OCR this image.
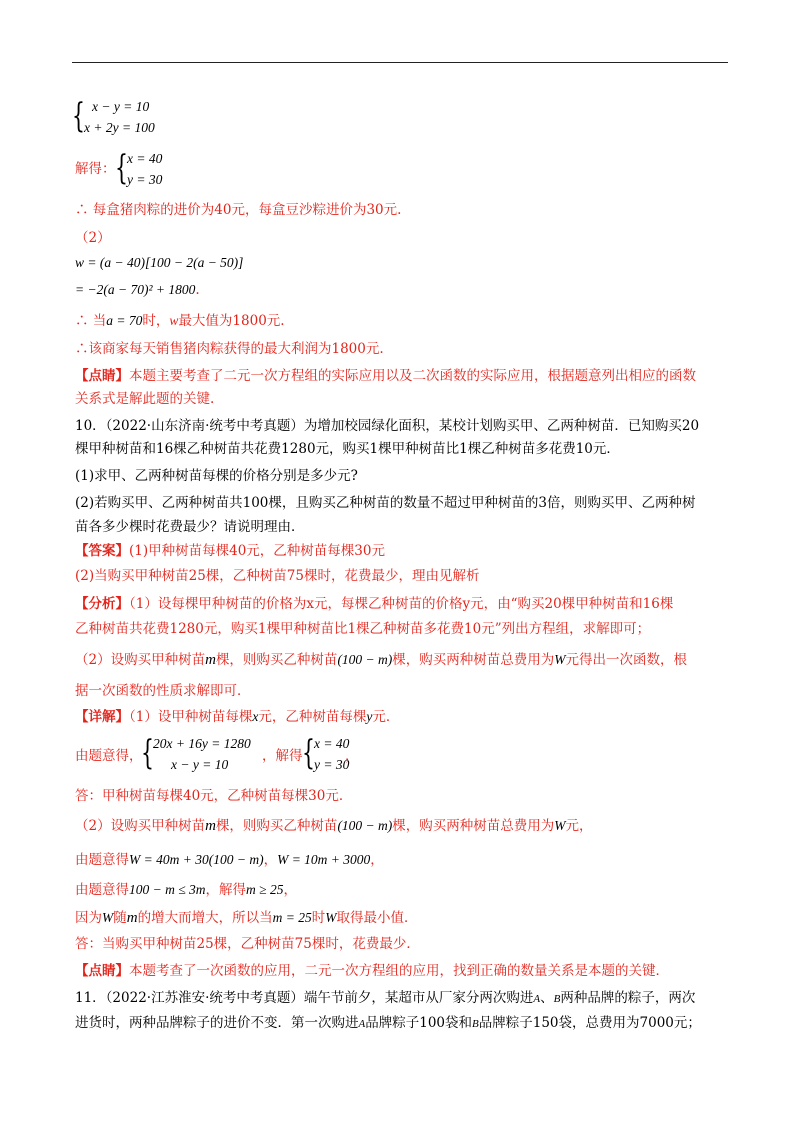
{ x − y = 10
x + 2y = 100
解得： { x = 40
y = 30
∴ 每盒猪肉粽的进价为40元，每盒豆沙粽进价为30元.
（2）
w = (a − 40)[100 − 2(a − 50)]
= −2(a − 70)² + 1800.
∴ 当a = 70时，w最大值为1800元.
∴该商家每天销售猪肉粽获得的最大利润为1800元.
【点睛】本题主要考查了二元一次方程组的实际应用以及二次函数的实际应用，根据题意列出相应的函数
关系式是解此题的关键.
10．（2022·山东济南·统考中考真题）为增加校园绿化面积，某校计划购买甲、乙两种树苗．已知购买20
棵甲种树苗和16棵乙种树苗共花费1280元，购买1棵甲种树苗比1棵乙种树苗多花费10元．
(1)求甲、乙两种树苗每棵的价格分别是多少元?
(2)若购买甲、乙两种树苗共100棵，且购买乙种树苗的数量不超过甲种树苗的3倍，则购买甲、乙两种树
苗各多少棵时花费最少？请说明理由．
【答案】(1)甲种树苗每棵40元，乙种树苗每棵30元
(2)当购买甲种树苗25棵，乙种树苗75棵时，花费最少，理由见解析
【分析】（1）设每棵甲种树苗的价格为x元，每棵乙种树苗的价格y元，由“购买20棵甲种树苗和16棵
乙种树苗共花费1280元，购买1棵甲种树苗比1棵乙种树苗多花费10元”列出方程组，求解即可；
（2）设购买甲种树苗m棵，则购买乙种树苗(100 − m)棵，购买两种树苗总费用为W元得出一次函数，根
据一次函数的性质求解即可．
【详解】（1）设甲种树苗每棵x元，乙种树苗每棵y元．
由题意得，
{ 20x + 16y = 1280
x − y = 10
，解得 { x = 40
y = 30
，
答：甲种树苗每棵40元，乙种树苗每棵30元．
（2）设购买甲种树苗m棵，则购买乙种树苗(100 − m)棵，购买两种树苗总费用为W元，
由题意得W = 40m + 30(100 − m)，W = 10m + 3000，
由题意得100 − m ≤ 3m，解得m ≥ 25，
因为W随m的增大而增大，所以当m = 25时W取得最小值．
答：当购买甲种树苗25棵，乙种树苗75棵时，花费最少．
【点睛】本题考查了一次函数的应用，二元一次方程组的应用，找到正确的数量关系是本题的关键．
11．（2022·江苏淮安·统考中考真题）端午节前夕，某超市从厂家分两次购进A、B两种品牌的粽子，两次
进货时，两种品牌粽子的进价不变．第一次购进A品牌粽子100袋和B品牌粽子150袋，总费用为7000元；
